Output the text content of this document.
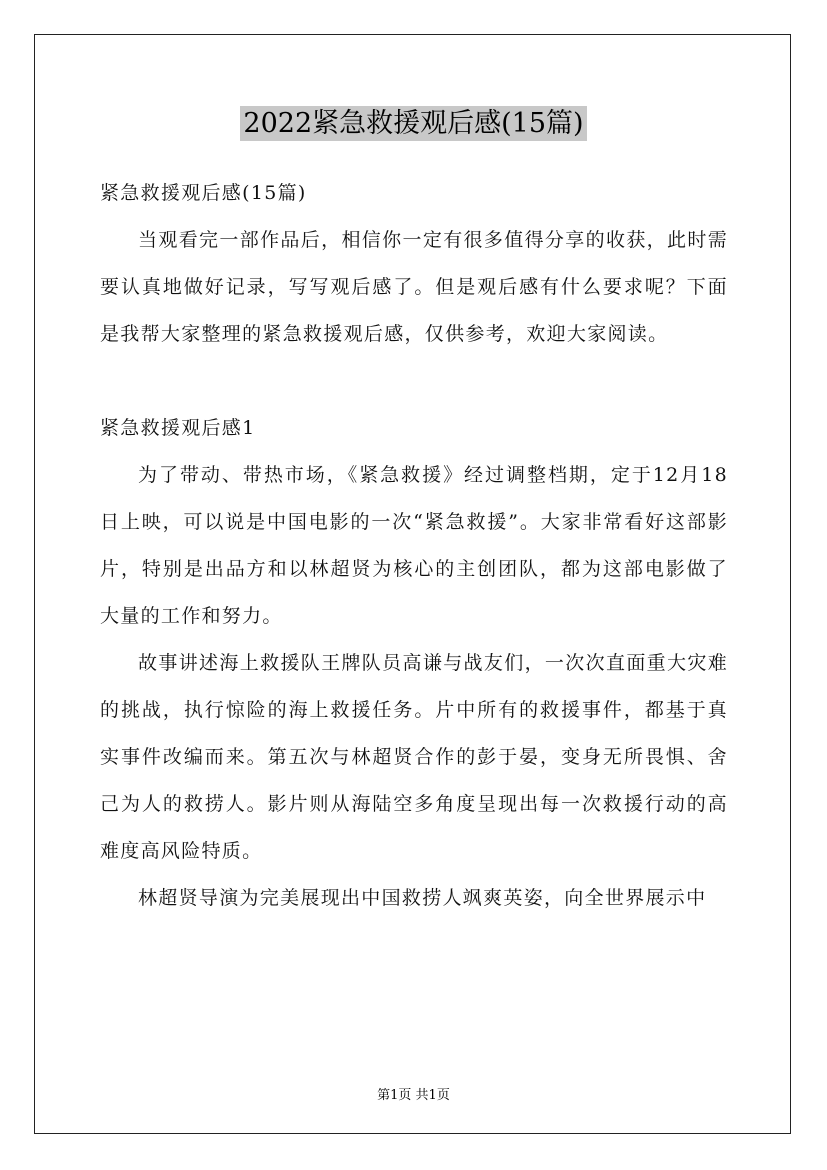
2022紧急救援观后感(15篇)

紧急救援观后感(15篇)

当观看完一部作品后，相信你一定有很多值得分享的收获，此时需要认真地做好记录，写写观后感了。但是观后感有什么要求呢？下面是我帮大家整理的紧急救援观后感，仅供参考，欢迎大家阅读。

紧急救援观后感1

为了带动、带热市场，《紧急救援》经过调整档期，定于12月18日上映，可以说是中国电影的一次“紧急救援”。大家非常看好这部影片，特别是出品方和以林超贤为核心的主创团队，都为这部电影做了大量的工作和努力。

故事讲述海上救援队王牌队员高谦与战友们，一次次直面重大灾难的挑战，执行惊险的海上救援任务。片中所有的救援事件，都基于真实事件改编而来。第五次与林超贤合作的彭于晏，变身无所畏惧、舍己为人的救捞人。影片则从海陆空多角度呈现出每一次救援行动的高难度高风险特质。

林超贤导演为完美展现出中国救捞人飒爽英姿，向全世界展示中

第1页 共1页
